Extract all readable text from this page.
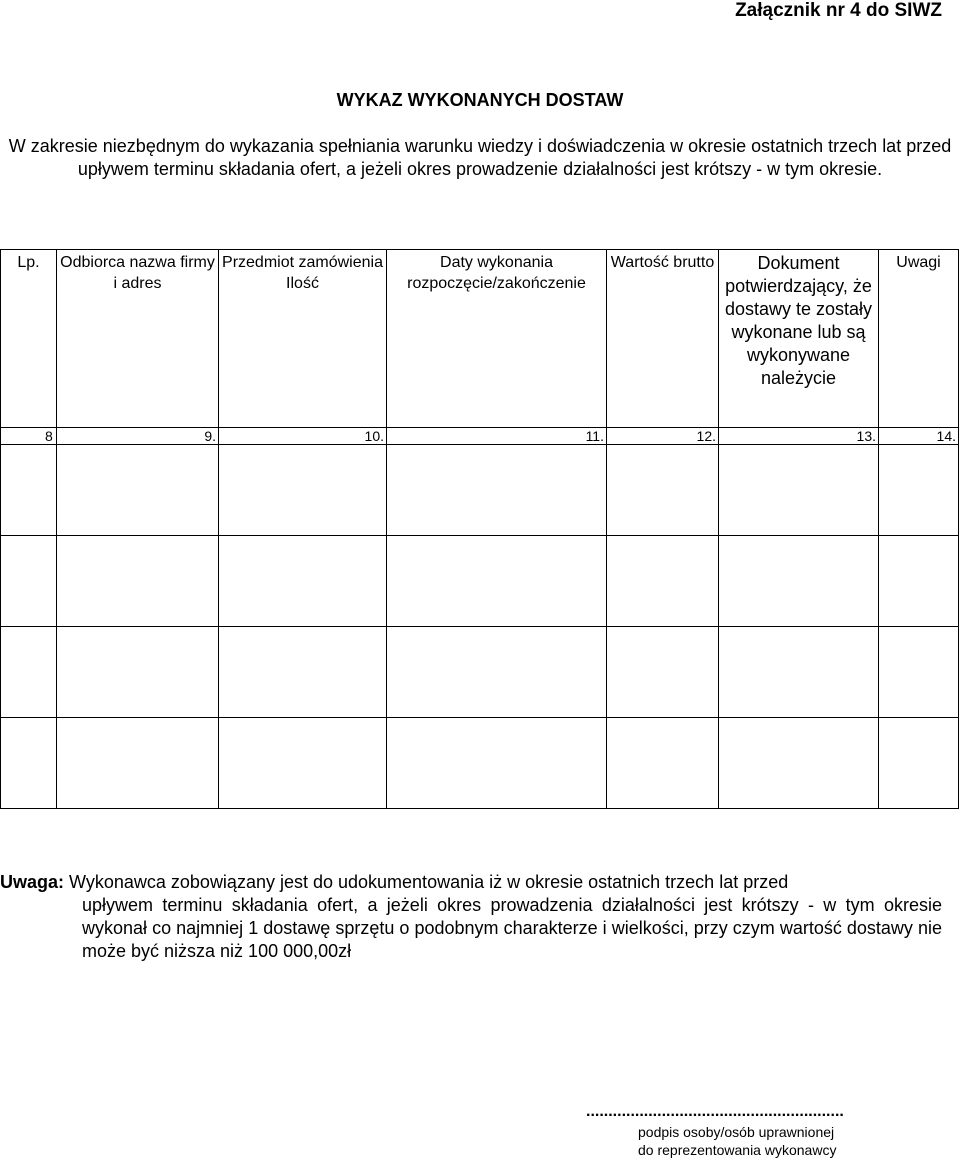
Załącznik nr 4 do SIWZ
WYKAZ WYKONANYCH DOSTAW
W zakresie niezbędnym do wykazania spełniania warunku wiedzy i doświadczenia w okresie ostatnich trzech lat przed upływem terminu składania ofert, a jeżeli okres prowadzenie działalności jest krótszy - w tym okresie.
Lp.	Odbiorca nazwa firmy i adres	Przedmiot zamówienia Ilość	Daty wykonania rozpoczęcie/zakończenie	Wartość brutto	Dokument potwierdzający, że dostawy te zostały wykonane lub są wykonywane należycie	Uwagi
8	9.	10.	11.	12.	13.	14.

Uwaga: Wykonawca zobowiązany jest do udokumentowania iż w okresie ostatnich trzech lat przed
upływem terminu składania ofert, a jeżeli okres prowadzenia działalności jest krótszy - w tym okresie wykonał co najmniej 1 dostawę sprzętu o podobnym charakterze i wielkości, przy czym wartość dostawy nie może być niższa niż 100 000,00zł
..........................................................
podpis osoby/osób uprawnionej
do reprezentowania wykonawcy
